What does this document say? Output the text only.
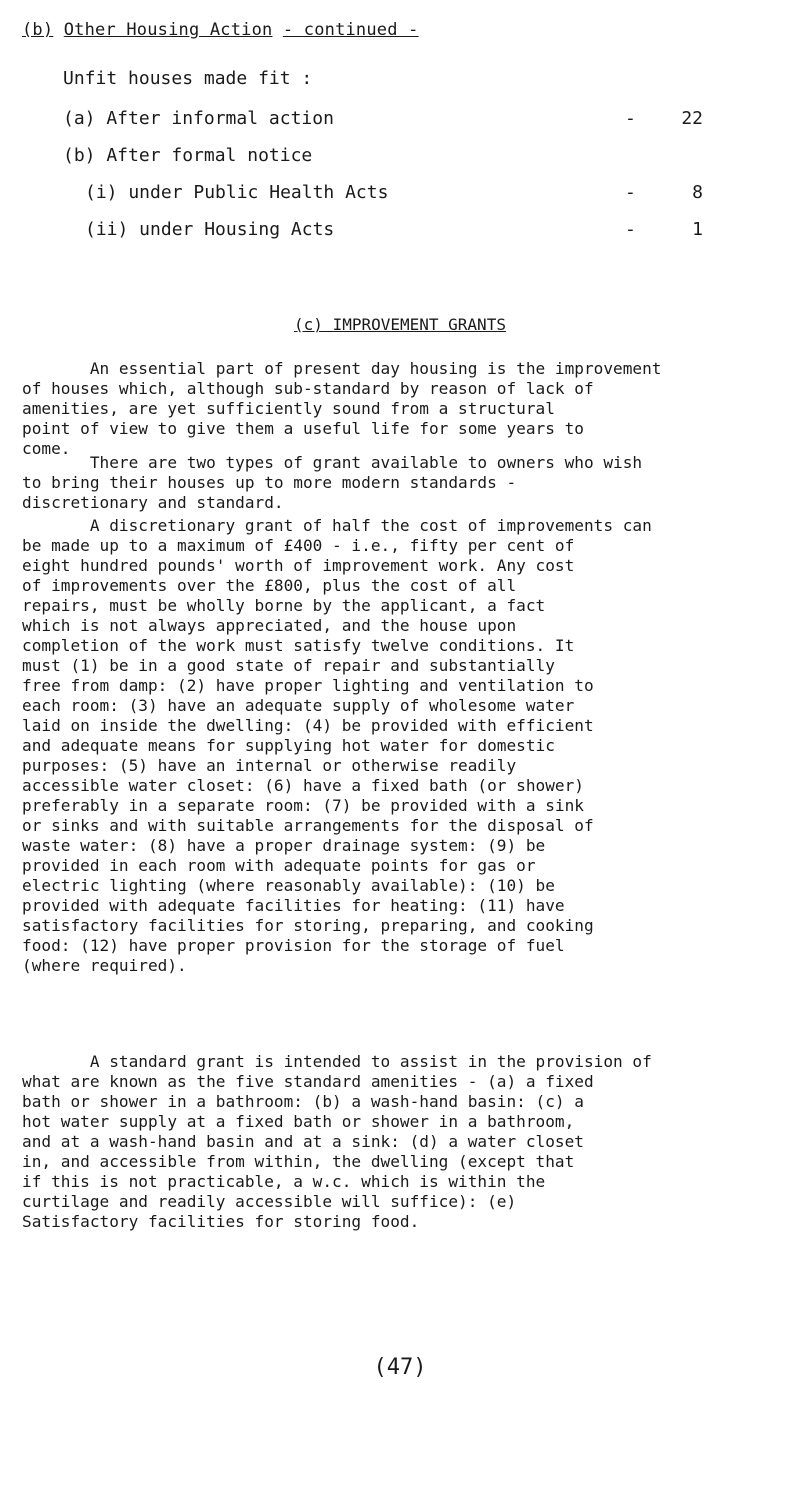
(b) Other Housing Action - continued -
Unfit houses made fit :
(a) After informal action	-	22
(b) After formal notice
(i) under Public Health Acts	-	8
(ii) under Housing Acts	-	1
(c) IMPROVEMENT GRANTS
An essential part of present day housing is the improvement
of houses which, although sub-standard by reason of lack of
amenities, are yet sufficiently sound from a structural
point of view to give them a useful life for some years to
come.
There are two types of grant available to owners who wish
to bring their houses up to more modern standards -
discretionary and standard.
A discretionary grant of half the cost of improvements can
be made up to a maximum of £400 - i.e., fifty per cent of
eight hundred pounds' worth of improvement work. Any cost
of improvements over the £800, plus the cost of all
repairs, must be wholly borne by the applicant, a fact
which is not always appreciated, and the house upon
completion of the work must satisfy twelve conditions. It
must (1) be in a good state of repair and substantially
free from damp: (2) have proper lighting and ventilation to
each room: (3) have an adequate supply of wholesome water
laid on inside the dwelling: (4) be provided with efficient
and adequate means for supplying hot water for domestic
purposes: (5) have an internal or otherwise readily
accessible water closet: (6) have a fixed bath (or shower)
preferably in a separate room: (7) be provided with a sink
or sinks and with suitable arrangements for the disposal of
waste water: (8) have a proper drainage system: (9) be
provided in each room with adequate points for gas or
electric lighting (where reasonably available): (10) be
provided with adequate facilities for heating: (11) have
satisfactory facilities for storing, preparing, and cooking
food: (12) have proper provision for the storage of fuel
(where required).
A standard grant is intended to assist in the provision of
what are known as the five standard amenities - (a) a fixed
bath or shower in a bathroom: (b) a wash-hand basin: (c) a
hot water supply at a fixed bath or shower in a bathroom,
and at a wash-hand basin and at a sink: (d) a water closet
in, and accessible from within, the dwelling (except that
if this is not practicable, a w.c. which is within the
curtilage and readily accessible will suffice): (e)
Satisfactory facilities for storing food.
(47)
